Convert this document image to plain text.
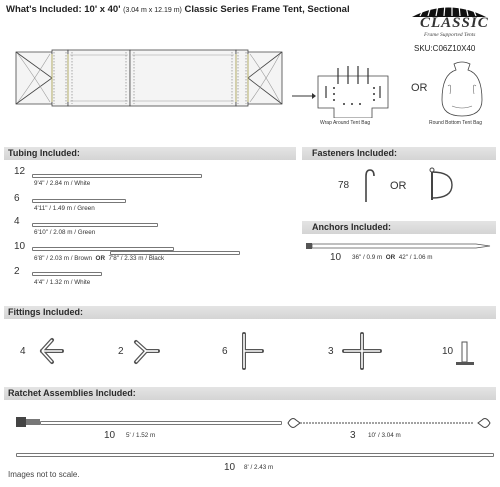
What's Included: 10' x 40' (3.04 m x 12.19 m) Classic Series Frame Tent, Sectional
CLASSIC
Frame Supported Tents
SKU:C06Z10X40
Wrap Around Tent Bag
OR
Round Bottom Tent Bag
Tubing Included:
12
9'4" / 2.84 m / White
6
4'11" / 1.49 m / Green
4
6'10" / 2.08 m / Green
10
6'8" / 2.03 m / Brown OR 7'8" / 2.33 m / Black
2
4'4" / 1.32 m / White
Fasteners Included:
78	OR
Anchors Included:
10 36" / 0.9 m OR 42" / 1.06 m
Fittings Included:
4	2	6	3	10
Ratchet Assemblies Included:
10 5' / 1.52 m	3 10' / 3.04 m
10 8' / 2.43 m
Images not to scale.
